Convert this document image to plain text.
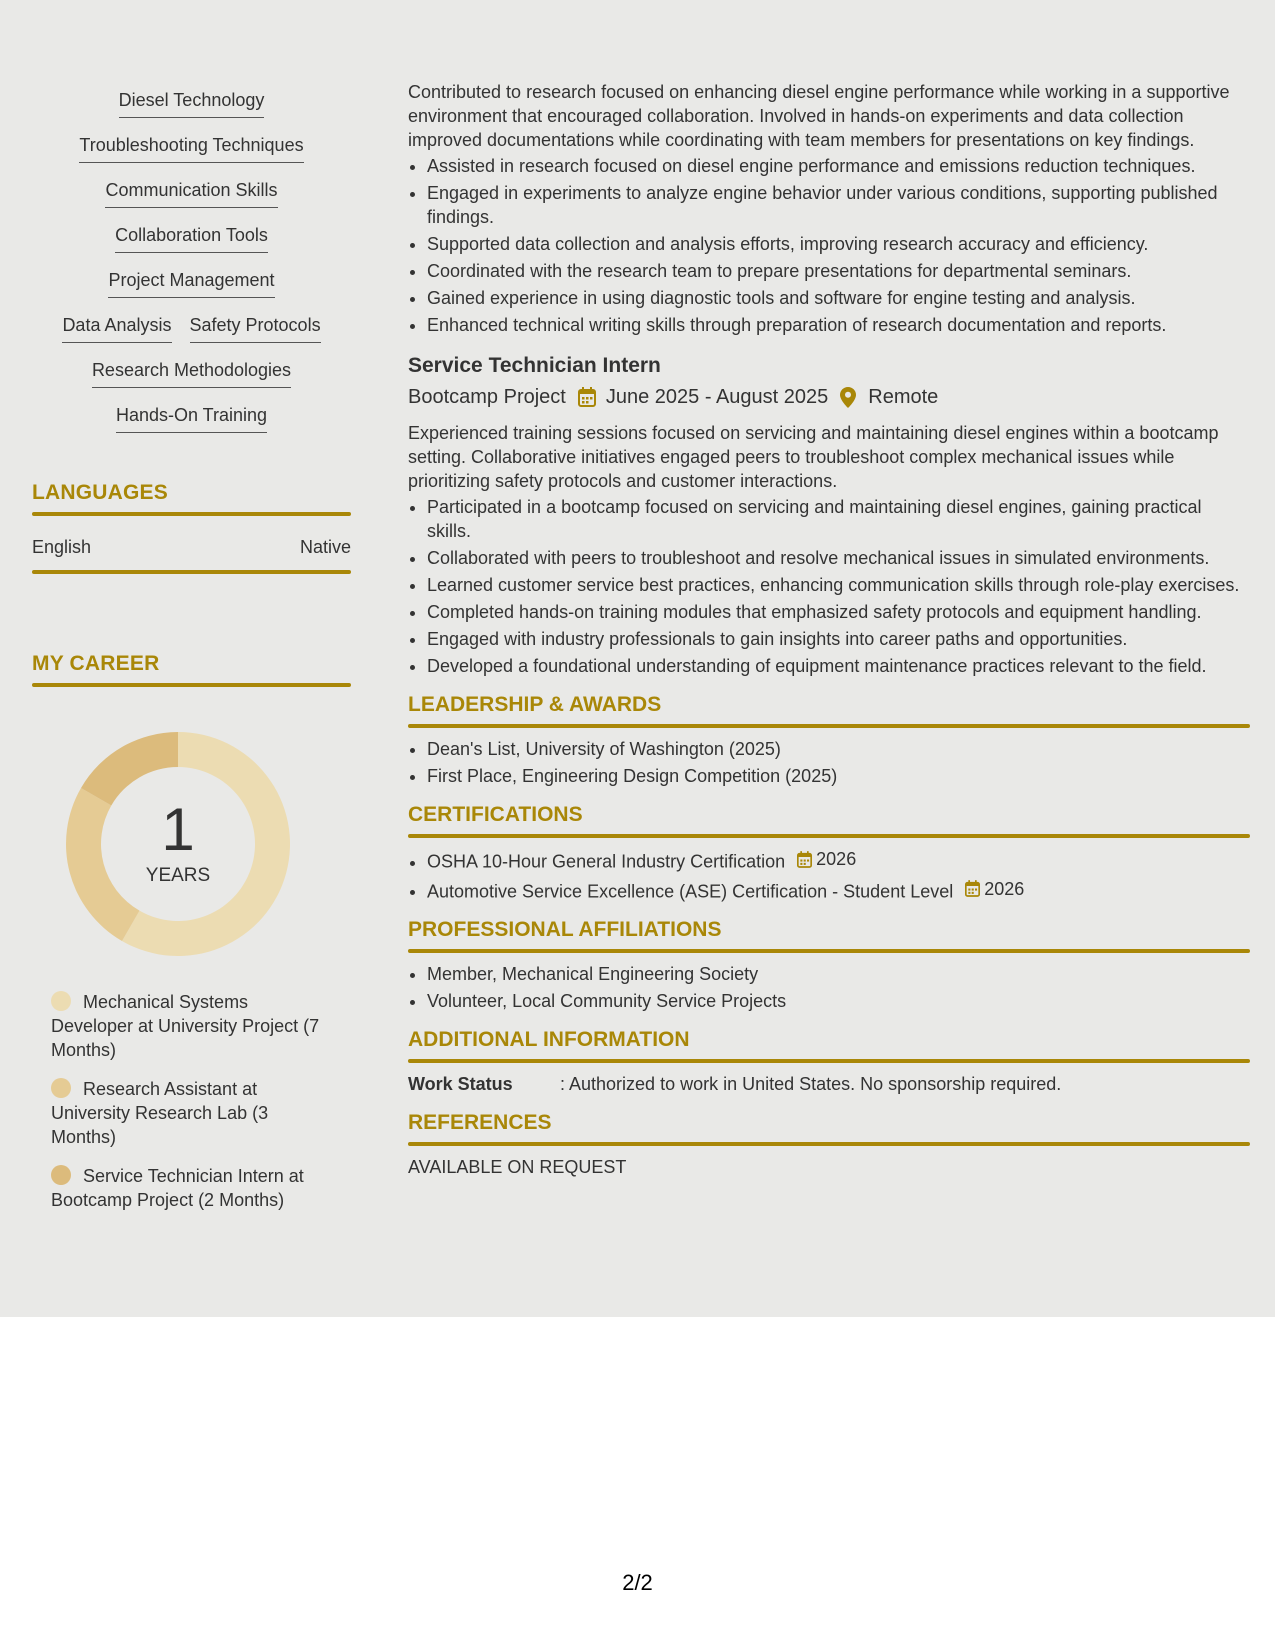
Diesel Technology
Troubleshooting Techniques
Communication Skills
Collaboration Tools
Project Management
Data Analysis Safety Protocols
Research Methodologies
Hands-On Training
LANGUAGES
English	Native
MY CAREER
1
YEARS
Mechanical Systems Developer at University Project (7 Months)
Research Assistant at University Research Lab (3 Months)
Service Technician Intern at Bootcamp Project (2 Months)
Contributed to research focused on enhancing diesel engine performance while working in a supportive environment that encouraged collaboration. Involved in hands-on experiments and data collection improved documentations while coordinating with team members for presentations on key findings.
• Assisted in research focused on diesel engine performance and emissions reduction techniques.
• Engaged in experiments to analyze engine behavior under various conditions, supporting published findings.
• Supported data collection and analysis efforts, improving research accuracy and efficiency.
• Coordinated with the research team to prepare presentations for departmental seminars.
• Gained experience in using diagnostic tools and software for engine testing and analysis.
• Enhanced technical writing skills through preparation of research documentation and reports.
Service Technician Intern
Bootcamp Project June 2025 - August 2025 Remote
Experienced training sessions focused on servicing and maintaining diesel engines within a bootcamp setting. Collaborative initiatives engaged peers to troubleshoot complex mechanical issues while prioritizing safety protocols and customer interactions.
• Participated in a bootcamp focused on servicing and maintaining diesel engines, gaining practical skills.
• Collaborated with peers to troubleshoot and resolve mechanical issues in simulated environments.
• Learned customer service best practices, enhancing communication skills through role-play exercises.
• Completed hands-on training modules that emphasized safety protocols and equipment handling.
• Engaged with industry professionals to gain insights into career paths and opportunities.
• Developed a foundational understanding of equipment maintenance practices relevant to the field.
LEADERSHIP & AWARDS
• Dean's List, University of Washington (2025)
• First Place, Engineering Design Competition (2025)
CERTIFICATIONS
• OSHA 10-Hour General Industry Certification 2026
• Automotive Service Excellence (ASE) Certification - Student Level 2026
PROFESSIONAL AFFILIATIONS
• Member, Mechanical Engineering Society
• Volunteer, Local Community Service Projects
ADDITIONAL INFORMATION
Work Status	: Authorized to work in United States. No sponsorship required.
REFERENCES
AVAILABLE ON REQUEST
2/2
